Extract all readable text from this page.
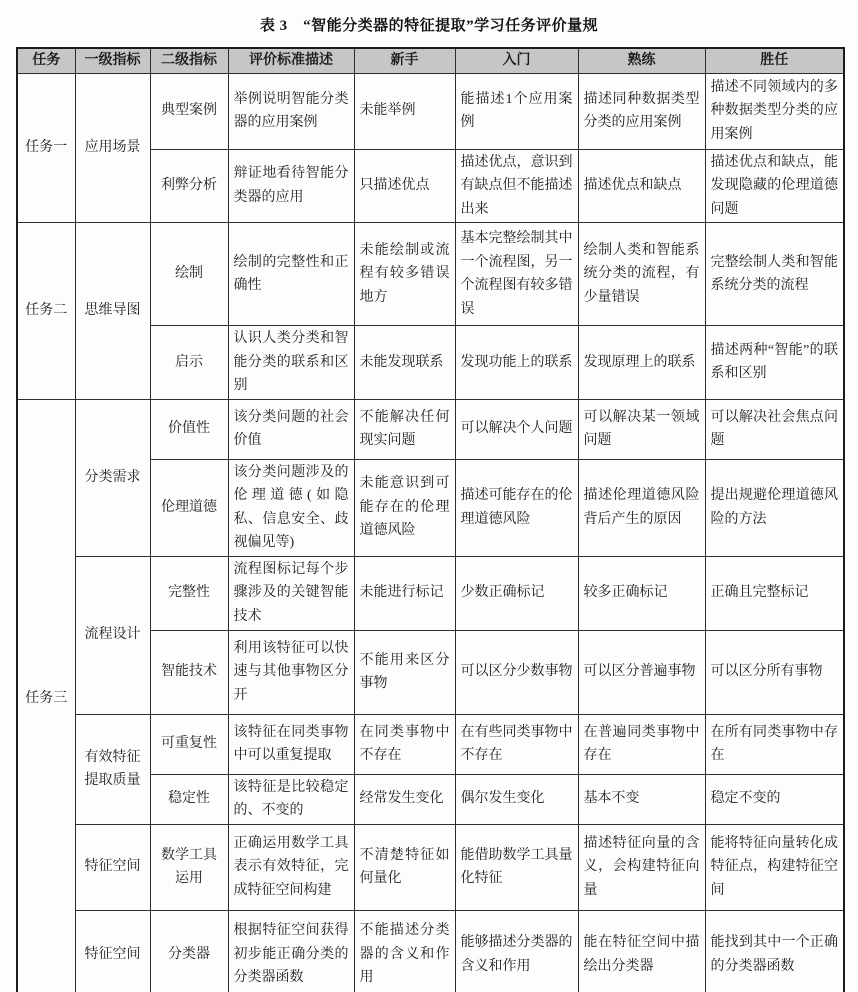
表 3　“智能分类器的特征提取”学习任务评价量规
任务	一级指标	二级指标	评价标准描述	新手	入门	熟练	胜任
任务一	应用场景	典型案例	举例说明智能分类器的应用案例	未能举例	能描述1个应用案例	描述同种数据类型分类的应用案例	描述不同领域内的多种数据类型分类的应用案例
		利弊分析	辩证地看待智能分类器的应用	只描述优点	描述优点，意识到有缺点但不能描述出来	描述优点和缺点	描述优点和缺点，能发现隐藏的伦理道德问题
任务二	思维导图	绘制	绘制的完整性和正确性	未能绘制或流程有较多错误地方	基本完整绘制其中一个流程图，另一个流程图有较多错误	绘制人类和智能系统分类的流程，有少量错误	完整绘制人类和智能系统分类的流程
		启示	认识人类分类和智能分类的联系和区别	未能发现联系	发现功能上的联系	发现原理上的联系	描述两种“智能”的联系和区别
任务三	分类需求	价值性	该分类问题的社会价值	不能解决任何现实问题	可以解决个人问题	可以解决某一领域问题	可以解决社会焦点问题
		伦理道德	该分类问题涉及的伦理道德(如隐私、信息安全、歧视偏见等)	未能意识到可能存在的伦理道德风险	描述可能存在的伦理道德风险	描述伦理道德风险背后产生的原因	提出规避伦理道德风险的方法
	流程设计	完整性	流程图标记每个步骤涉及的关键智能技术	未能进行标记	少数正确标记	较多正确标记	正确且完整标记
		智能技术	利用该特征可以快速与其他事物区分开	不能用来区分事物	可以区分少数事物	可以区分普遍事物	可以区分所有事物
	有效特征提取质量	可重复性	该特征在同类事物中可以重复提取	在同类事物中不存在	在有些同类事物中不存在	在普遍同类事物中存在	在所有同类事物中存在
		稳定性	该特征是比较稳定的、不变的	经常发生变化	偶尔发生变化	基本不变	稳定不变的
	特征空间	数学工具运用	正确运用数学工具表示有效特征，完成特征空间构建	不清楚特征如何量化	能借助数学工具量化特征	描述特征向量的含义，会构建特征向量	能将特征向量转化成特征点，构建特征空间
	特征空间	分类器	根据特征空间获得初步能正确分类的分类器函数	不能描述分类器的含义和作用	能够描述分类器的含义和作用	能在特征空间中描绘出分类器	能找到其中一个正确的分类器函数
